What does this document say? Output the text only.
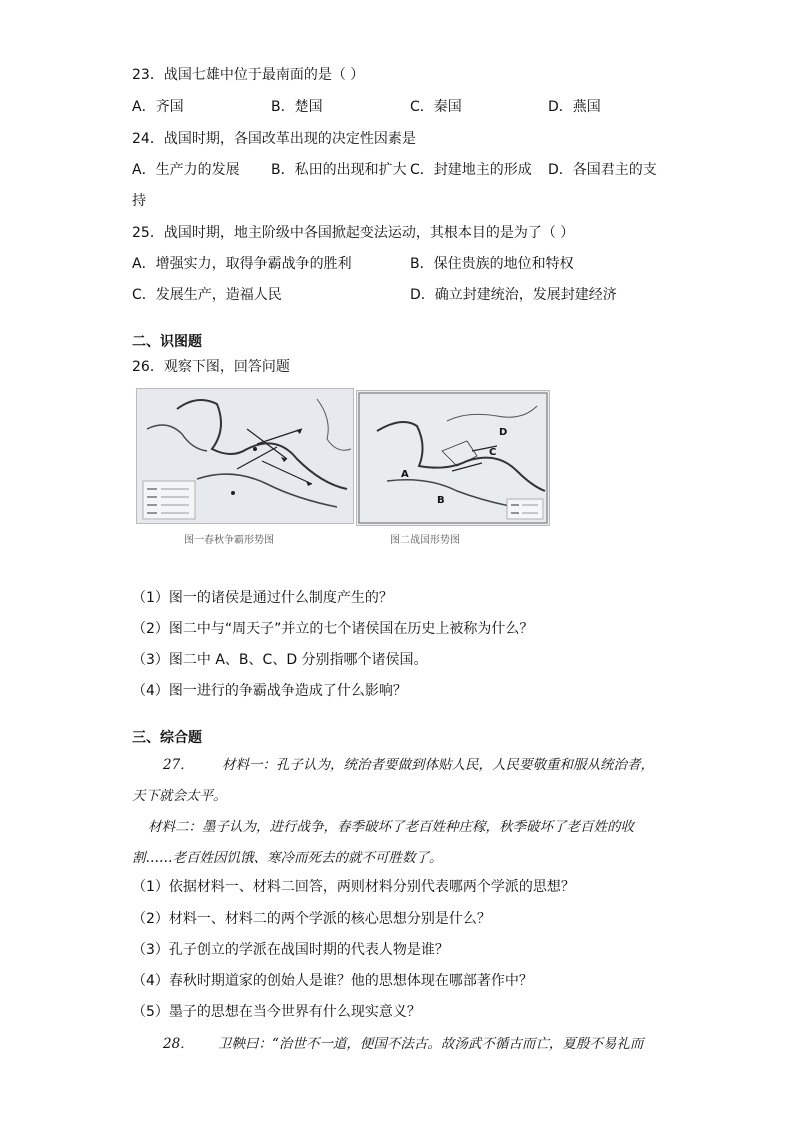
23．战国七雄中位于最南面的是（ ）
A．齐国	B．楚国	C．秦国	D．燕国
24．战国时期，各国改革出现的决定性因素是
A．生产力的发展 B．私田的出现和扩大 C．封建地主的形成 D．各国君主的支
持
25．战国时期，地主阶级中各国掀起变法运动，其根本目的是为了（ ）
A．增强实力，取得争霸战争的胜利	B．保住贵族的地位和特权
C．发展生产，造福人民	D．确立封建统治，发展封建经济
二、识图题
26．观察下图，回答问题
图一春秋争霸形势图
A
B
C
D
图二战国形势图
（1）图一的诸侯是通过什么制度产生的？
（2）图二中与“周天子”并立的七个诸侯国在历史上被称为什么？
（3）图二中 A、B、C、D 分别指哪个诸侯国。
（4）图一进行的争霸战争造成了什么影响？
三、综合题
27． 材料一：孔子认为，统治者要做到体贴人民，人民要敬重和服从统治者，
天下就会太平。
材料二：墨子认为，进行战争，春季破坏了老百姓种庄稼，秋季破坏了老百姓的收
割……老百姓因饥饿、寒冷而死去的就不可胜数了。
（1）依据材料一、材料二回答，两则材料分别代表哪两个学派的思想？
（2）材料一、材料二的两个学派的核心思想分别是什么？
（3）孔子创立的学派在战国时期的代表人物是谁？
（4）春秋时期道家的创始人是谁？他的思想体现在哪部著作中？
（5）墨子的思想在当今世界有什么现实意义？
28． 卫鞅曰：“治世不一道，便国不法古。故汤武不循古而亡，夏殷不易礼而
